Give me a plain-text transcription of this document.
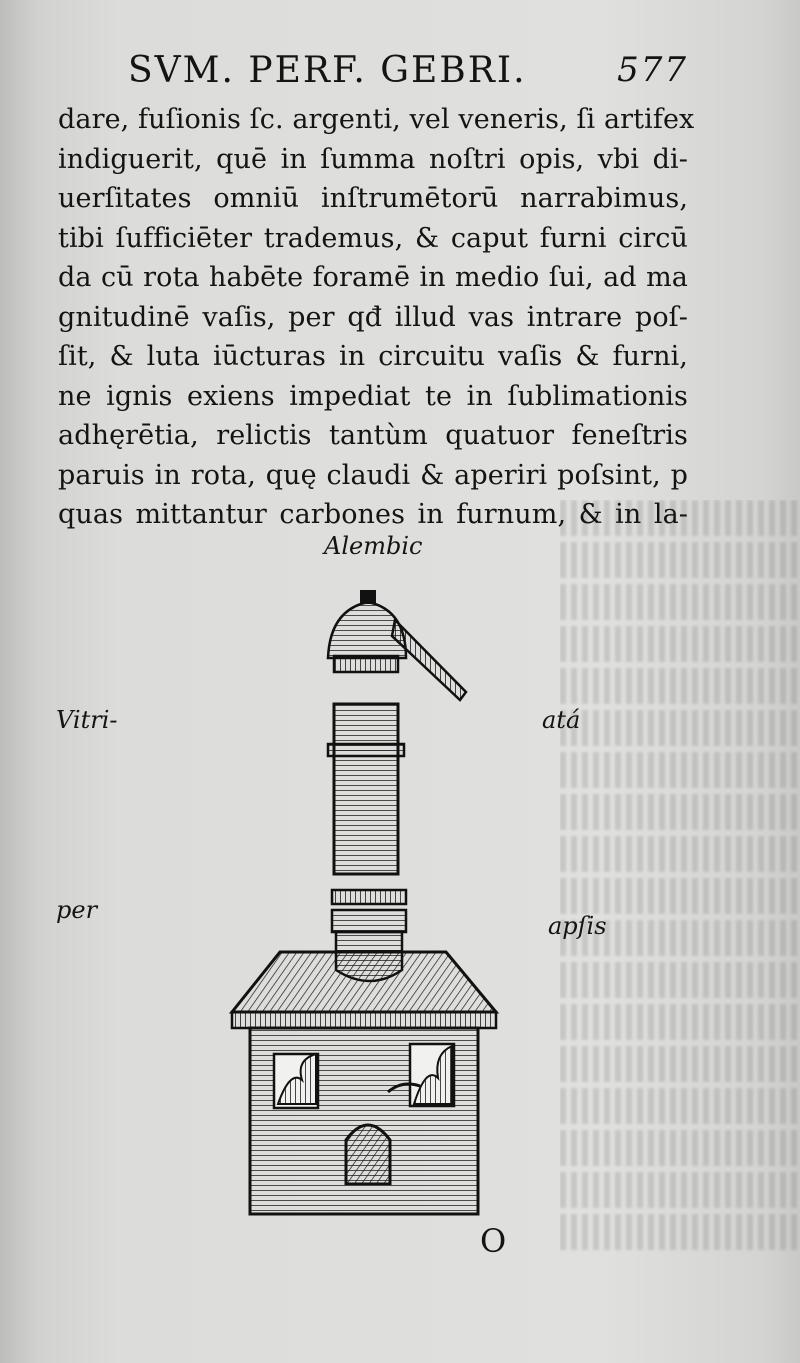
SVM. PERF. GEBRI.	577
dare, fuſionis ſc. argenti, vel veneris, ſi artifex
indiguerit, quē in ſumma noſtri opis, vbi di-
uerſitates omniū inſtrumētorū narrabimus,
tibi ſufficiēter trademus, & caput furni circū
da cū rota habēte foramē in medio ſui, ad ma
gnitudinē vaſis, per qđ illud vas intrare poſ-
ſit, & luta iūcturas in circuitu vaſis & furni,
ne ignis exiens impediat te in ſublimationis
adhęrētia, relictis tantùm quatuor feneſtris
paruis in rota, quę claudi & aperiri poſsint, p
quas mittantur carbones in furnum, & in la-
Alembic
Vitri-	atá
per
apſis
O
